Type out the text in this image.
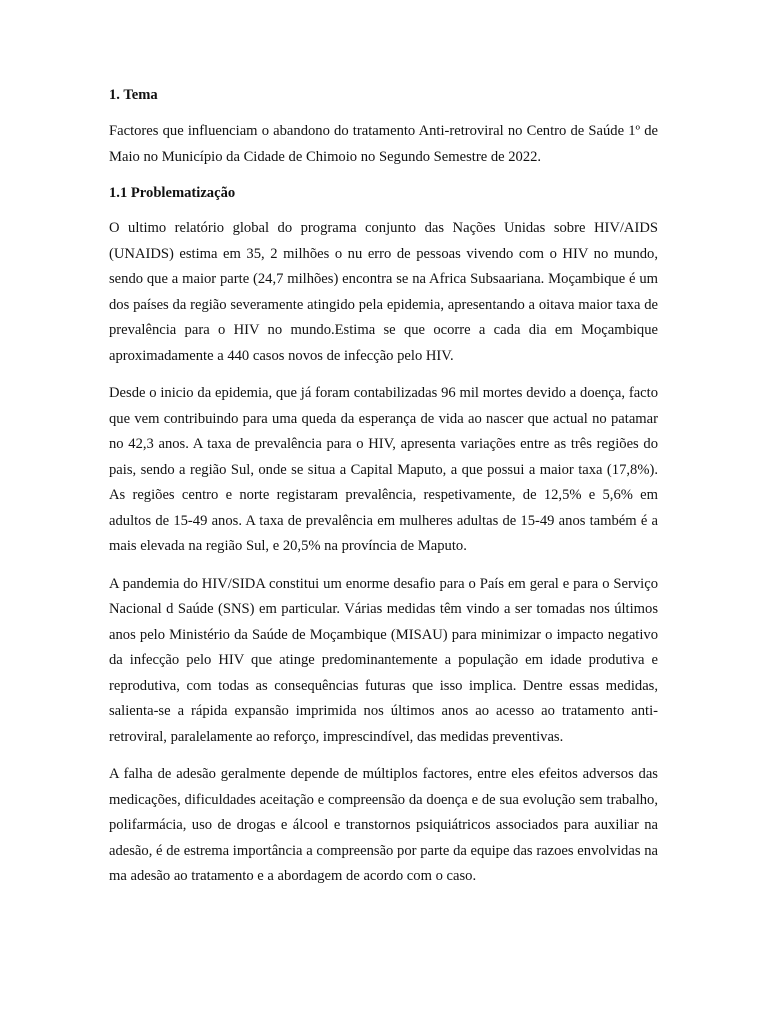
1. Tema

Factores que influenciam o abandono do tratamento Anti-retroviral no Centro de Saúde 1º de Maio no Município da Cidade de Chimoio no Segundo Semestre de 2022.

1.1 Problematização

O ultimo relatório global do programa conjunto das Nações Unidas sobre HIV/AIDS (UNAIDS) estima em 35, 2 milhões o nu erro de pessoas vivendo com o HIV no mundo, sendo que a maior parte (24,7 milhões) encontra se na Africa Subsaariana. Moçambique é um dos países da região severamente atingido pela epidemia, apresentando a oitava maior taxa de prevalência para o HIV no mundo.Estima se que ocorre a cada dia em Moçambique aproximadamente a 440 casos novos de infecção pelo HIV.

Desde o inicio da epidemia, que já foram contabilizadas 96 mil mortes devido a doença, facto que vem contribuindo para uma queda da esperança de vida ao nascer que actual no patamar no 42,3 anos. A taxa de prevalência para o HIV, apresenta variações entre as três regiões do pais, sendo a região Sul, onde se situa a Capital Maputo, a que possui a maior taxa (17,8%). As regiões centro e norte registaram prevalência, respetivamente, de 12,5% e 5,6% em adultos de 15-49 anos. A taxa de prevalência em mulheres adultas de 15-49 anos também é a mais elevada na região Sul, e 20,5% na província de Maputo.

A pandemia do HIV/SIDA constitui um enorme desafio para o País em geral e para o Serviço Nacional d Saúde (SNS) em particular. Várias medidas têm vindo a ser tomadas nos últimos anos pelo Ministério da Saúde de Moçambique (MISAU) para minimizar o impacto negativo da infecção pelo HIV que atinge predominantemente a população em idade produtiva e reprodutiva, com todas as consequências futuras que isso implica. Dentre essas medidas, salienta-se a rápida expansão imprimida nos últimos anos ao acesso ao tratamento anti-retroviral, paralelamente ao reforço, imprescindível, das medidas preventivas.

A falha de adesão geralmente depende de múltiplos factores, entre eles efeitos adversos das medicações, dificuldades aceitação e compreensão da doença e de sua evolução sem trabalho, polifarmácia, uso de drogas e álcool e transtornos psiquiátricos associados para auxiliar na adesão, é de estrema importância a compreensão por parte da equipe das razoes envolvidas na ma adesão ao tratamento e a abordagem de acordo com o caso.
